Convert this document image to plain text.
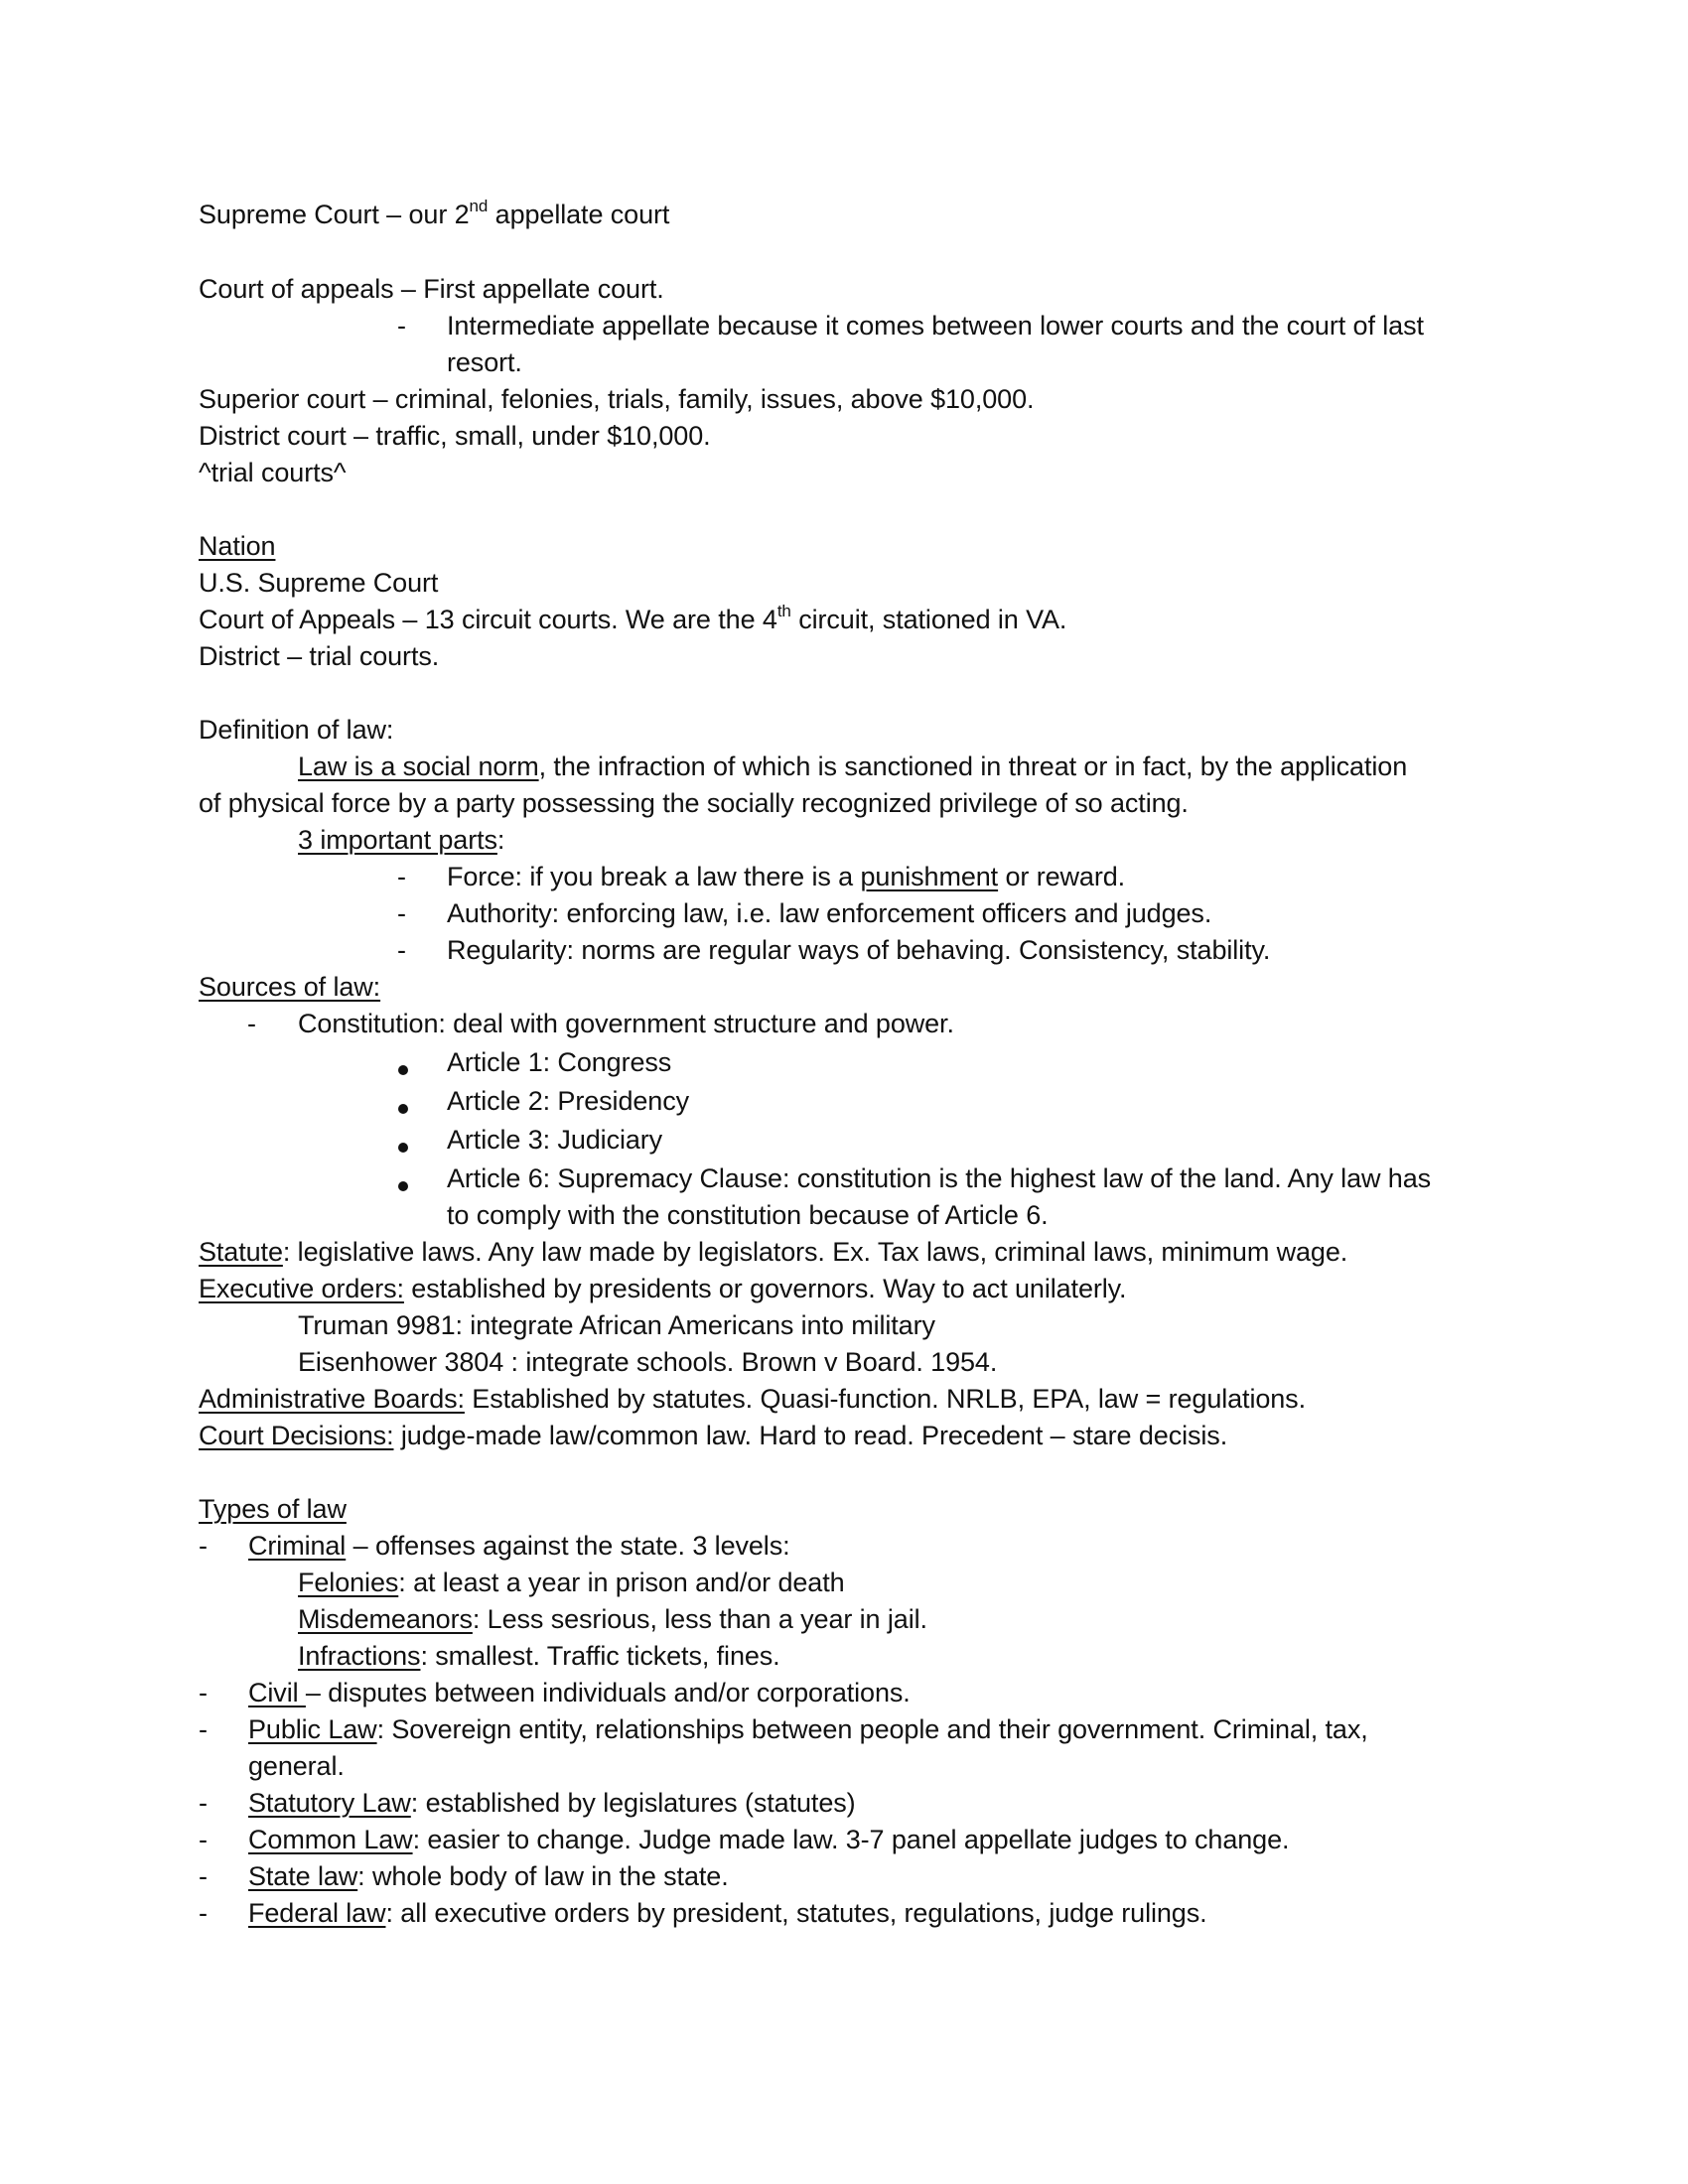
Supreme Court – our 2nd appellate court
Court of appeals – First appellate court.
- Intermediate appellate because it comes between lower courts and the court of last
resort.
Superior court – criminal, felonies, trials, family, issues, above $10,000.
District court – traffic, small, under $10,000.
^trial courts^
Nation
U.S. Supreme Court
Court of Appeals – 13 circuit courts. We are the 4th circuit, stationed in VA.
District – trial courts.
Definition of law:
Law is a social norm, the infraction of which is sanctioned in threat or in fact, by the application
of physical force by a party possessing the socially recognized privilege of so acting.
3 important parts:
- Force: if you break a law there is a punishment or reward.
- Authority: enforcing law, i.e. law enforcement officers and judges.
- Regularity: norms are regular ways of behaving. Consistency, stability.
Sources of law:
- Constitution: deal with government structure and power.
Article 1: Congress
Article 2: Presidency
Article 3: Judiciary
Article 6: Supremacy Clause: constitution is the highest law of the land. Any law has
to comply with the constitution because of Article 6.
Statute: legislative laws. Any law made by legislators. Ex. Tax laws, criminal laws, minimum wage.
Executive orders: established by presidents or governors. Way to act unilaterly.
Truman 9981: integrate African Americans into military
Eisenhower 3804 : integrate schools. Brown v Board. 1954.
Administrative Boards: Established by statutes. Quasi-function. NRLB, EPA, law = regulations.
Court Decisions: judge-made law/common law. Hard to read. Precedent – stare decisis.
Types of law
- Criminal – offenses against the state. 3 levels:
Felonies: at least a year in prison and/or death
Misdemeanors: Less sesrious, less than a year in jail.
Infractions: smallest. Traffic tickets, fines.
- Civil – disputes between individuals and/or corporations.
- Public Law: Sovereign entity, relationships between people and their government. Criminal, tax,
general.
- Statutory Law: established by legislatures (statutes)
- Common Law: easier to change. Judge made law. 3-7 panel appellate judges to change.
- State law: whole body of law in the state.
- Federal law: all executive orders by president, statutes, regulations, judge rulings.
